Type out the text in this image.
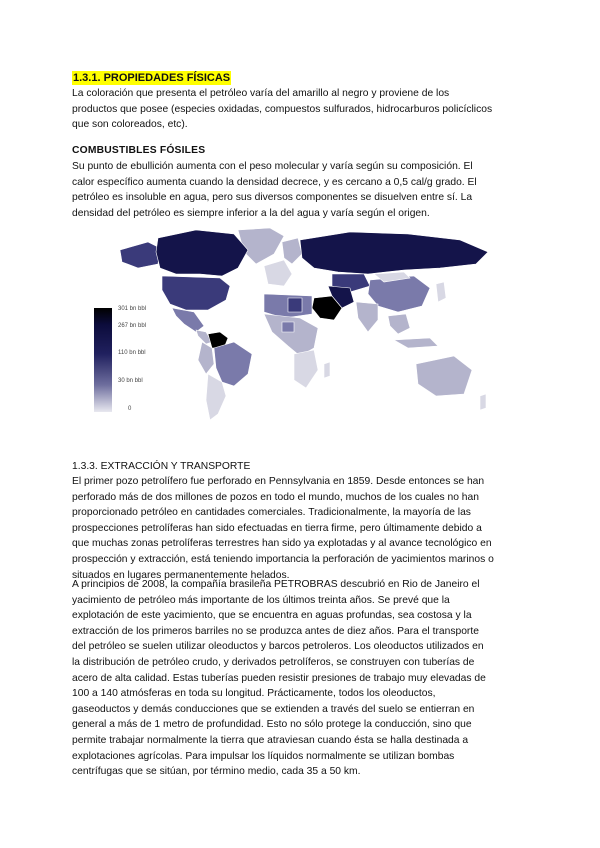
1.3.1. PROPIEDADES FÍSICAS

La coloración que presenta el petróleo varía del amarillo al negro y proviene de los
productos que posee (especies oxidadas, compuestos sulfurados, hidrocarburos policíclicos
que son coloreados, etc).

COMBUSTIBLES FÓSILES

Su punto de ebullición aumenta con el peso molecular y varía según su composición. El
calor específico aumenta cuando la densidad decrece, y es cercano a 0,5 cal/g grado. El
petróleo es insoluble en agua, pero sus diversos componentes se disuelven entre sí. La
densidad del petróleo es siempre inferior a la del agua y varía según el origen.

301 bn bbl
267 bn bbl
110 bn bbl
30 bn bbl
0
1.3.3. EXTRACCIÓN Y TRANSPORTE

El primer pozo petrolífero fue perforado en Pennsylvania en 1859. Desde entonces se han
perforado más de dos millones de pozos en todo el mundo, muchos de los cuales no han
proporcionado petróleo en cantidades comerciales. Tradicionalmente, la mayoría de las
prospecciones petrolíferas han sido efectuadas en tierra firme, pero últimamente debido a
que muchas zonas petrolíferas terrestres han sido ya explotadas y al avance tecnológico en
prospección y extracción, está teniendo importancia la perforación de yacimientos marinos o
situados en lugares permanentemente helados.

A principios de 2008, la compañía brasileña PETROBRAS descubrió en Rio de Janeiro el
yacimiento de petróleo más importante de los últimos treinta años. Se prevé que la
explotación de este yacimiento, que se encuentra en aguas profundas, sea costosa y la
extracción de los primeros barriles no se produzca antes de diez años. Para el transporte
del petróleo se suelen utilizar oleoductos y barcos petroleros. Los oleoductos utilizados en
la distribución de petróleo crudo, y derivados petrolíferos, se construyen con tuberías de
acero de alta calidad. Estas tuberías pueden resistir presiones de trabajo muy elevadas de
100 a 140 atmósferas en toda su longitud. Prácticamente, todos los oleoductos,
gaseoductos y demás conducciones que se extienden a través del suelo se entierran en
general a más de 1 metro de profundidad. Esto no sólo protege la conducción, sino que
permite trabajar normalmente la tierra que atraviesan cuando ésta se halla destinada a
explotaciones agrícolas. Para impulsar los líquidos normalmente se utilizan bombas
centrífugas que se sitúan, por término medio, cada 35 a 50 km.
